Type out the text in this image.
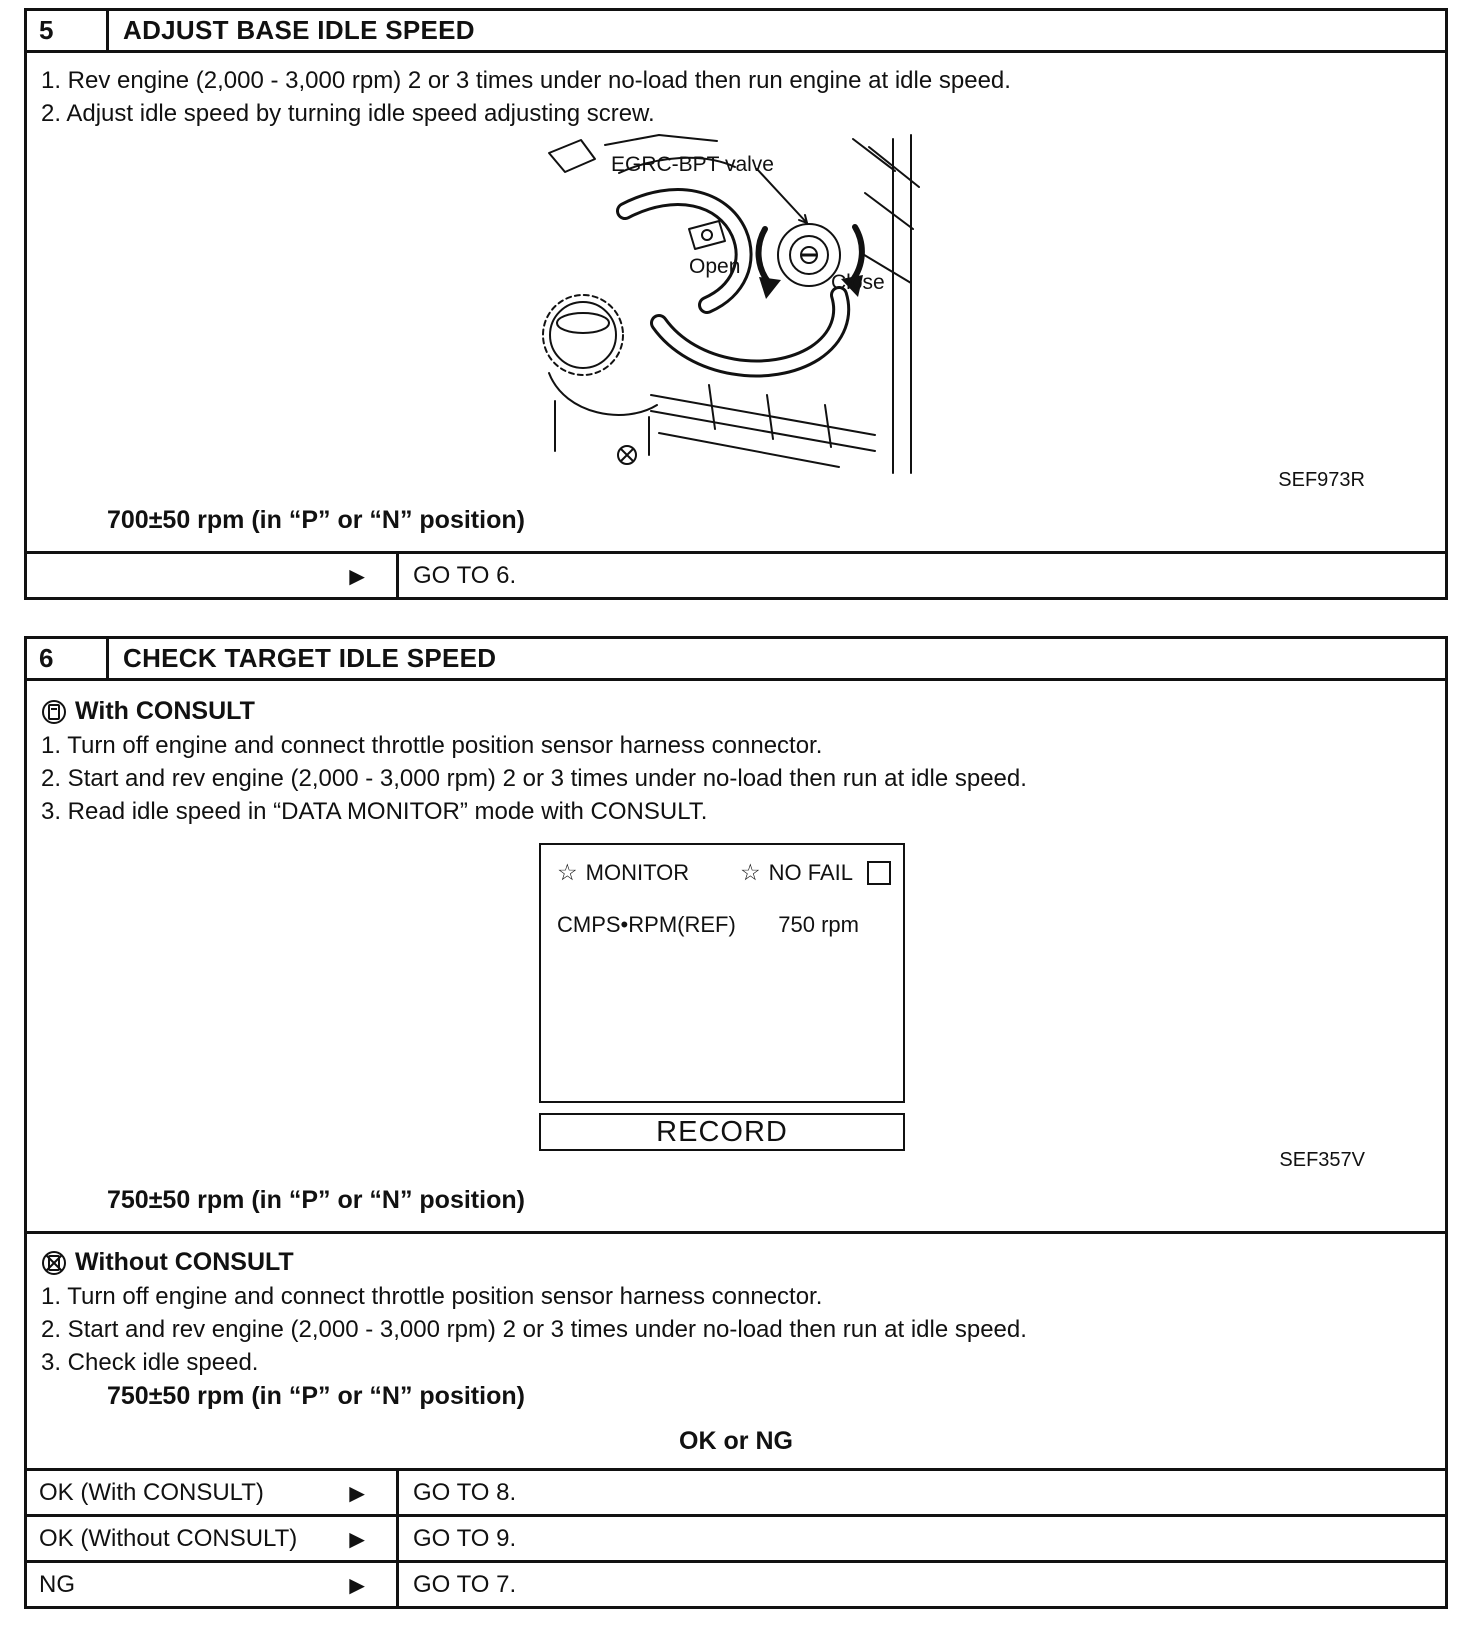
5	ADJUST BASE IDLE SPEED
1. Rev engine (2,000 - 3,000 rpm) 2 or 3 times under no-load then run engine at idle speed.
2. Adjust idle speed by turning idle speed adjusting screw.
EGRC-BPT valve
Open
Close
SEF973R
700±50 rpm (in “P” or “N” position)
►	GO TO 6.
6	CHECK TARGET IDLE SPEED
With CONSULT
1. Turn off engine and connect throttle position sensor harness connector.
2. Start and rev engine (2,000 - 3,000 rpm) 2 or 3 times under no-load then run at idle speed.
3. Read idle speed in “DATA MONITOR” mode with CONSULT.
☆ MONITOR ☆ NO FAIL
CMPS•RPM(REF) 750 rpm
RECORD
SEF357V
750±50 rpm (in “P” or “N” position)
Without CONSULT
1. Turn off engine and connect throttle position sensor harness connector.
2. Start and rev engine (2,000 - 3,000 rpm) 2 or 3 times under no-load then run at idle speed.
3. Check idle speed.
750±50 rpm (in “P” or “N” position)
OK or NG
OK (With CONSULT)	►	GO TO 8.
OK (Without CONSULT) ►	GO TO 9.
NG	►	GO TO 7.
